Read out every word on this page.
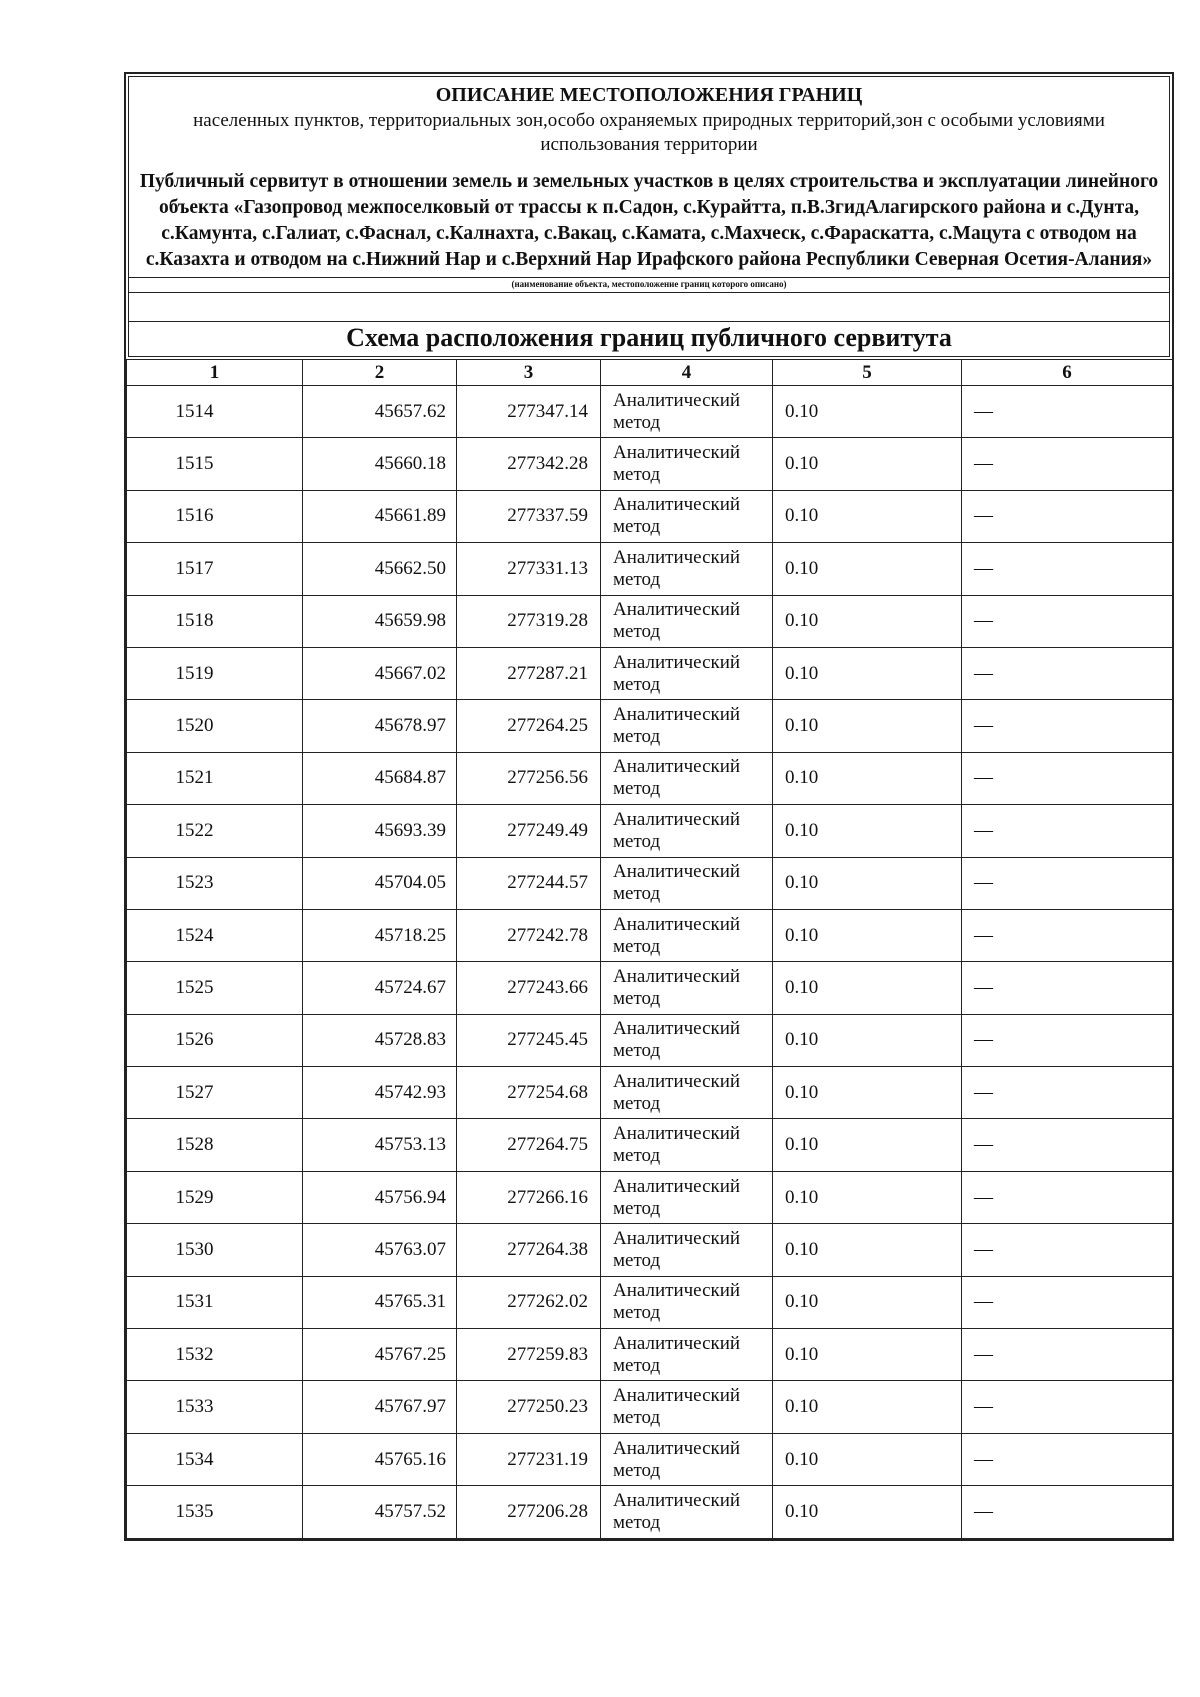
ОПИСАНИЕ МЕСТОПОЛОЖЕНИЯ ГРАНИЦ
населенных пунктов, территориальных зон,особо охраняемых природных территорий,зон с особыми условиями использования территории
Публичный сервитут в отношении земель и земельных участков в целях строительства и эксплуатации линейного объекта «Газопровод межпоселковый от трассы к п.Садон, с.Курайтта, п.В.ЗгидАлагирского района и с.Дунта, с.Камунта, с.Галиат, с.Фаснал, с.Калнахта, с.Вакац, с.Камата, с.Махческ, с.Фараскатта, с.Мацута с отводом на с.Казахта и отводом на с.Нижний Нар и с.Верхний Нар Ирафского района Республики Северная Осетия-Алания»
(наименование объекта, местоположение границ которого описано)
Схема расположения границ публичного сервитута
1	2	3	4	5	6
1514	45657.62	277347.14	Аналитический метод	0.10	—
1515	45660.18	277342.28	Аналитический метод	0.10	—
1516	45661.89	277337.59	Аналитический метод	0.10	—
1517	45662.50	277331.13	Аналитический метод	0.10	—
1518	45659.98	277319.28	Аналитический метод	0.10	—
1519	45667.02	277287.21	Аналитический метод	0.10	—
1520	45678.97	277264.25	Аналитический метод	0.10	—
1521	45684.87	277256.56	Аналитический метод	0.10	—
1522	45693.39	277249.49	Аналитический метод	0.10	—
1523	45704.05	277244.57	Аналитический метод	0.10	—
1524	45718.25	277242.78	Аналитический метод	0.10	—
1525	45724.67	277243.66	Аналитический метод	0.10	—
1526	45728.83	277245.45	Аналитический метод	0.10	—
1527	45742.93	277254.68	Аналитический метод	0.10	—
1528	45753.13	277264.75	Аналитический метод	0.10	—
1529	45756.94	277266.16	Аналитический метод	0.10	—
1530	45763.07	277264.38	Аналитический метод	0.10	—
1531	45765.31	277262.02	Аналитический метод	0.10	—
1532	45767.25	277259.83	Аналитический метод	0.10	—
1533	45767.97	277250.23	Аналитический метод	0.10	—
1534	45765.16	277231.19	Аналитический метод	0.10	—
1535	45757.52	277206.28	Аналитический метод	0.10	—
